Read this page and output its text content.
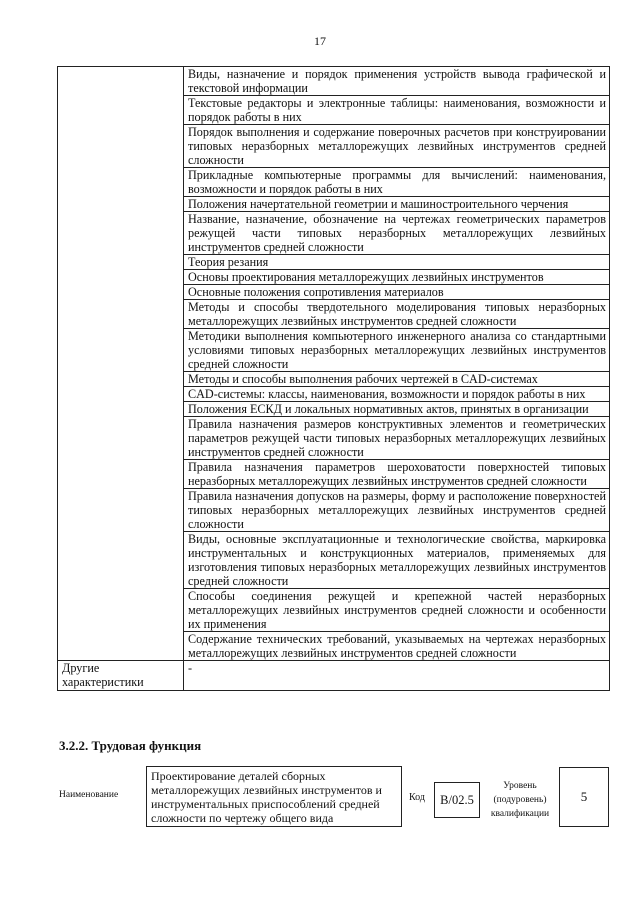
17
	Виды, назначение и порядок применения устройств вывода графической и текстовой информации
	Текстовые редакторы и электронные таблицы: наименования, возможности и порядок работы в них
	Порядок выполнения и содержание поверочных расчетов при конструировании типовых неразборных металлорежущих лезвийных инструментов средней сложности
	Прикладные компьютерные программы для вычислений: наименования, возможности и порядок работы в них
	Положения начертательной геометрии и машиностроительного черчения
	Название, назначение, обозначение на чертежах геометрических параметров режущей части типовых неразборных металлорежущих лезвийных инструментов средней сложности
	Теория резания
	Основы проектирования металлорежущих лезвийных инструментов
	Основные положения сопротивления материалов
	Методы и способы твердотельного моделирования типовых неразборных металлорежущих лезвийных инструментов средней сложности
	Методики выполнения компьютерного инженерного анализа со стандартными условиями типовых неразборных металлорежущих лезвийных инструментов средней сложности
	Методы и способы выполнения рабочих чертежей в CAD-системах
	CAD-системы: классы, наименования, возможности и порядок работы в них
	Положения ЕСКД и локальных нормативных актов, принятых в организации
	Правила назначения размеров конструктивных элементов и геометрических параметров режущей части типовых неразборных металлорежущих лезвийных инструментов средней сложности
	Правила назначения параметров шероховатости поверхностей типовых неразборных металлорежущих лезвийных инструментов средней сложности
	Правила назначения допусков на размеры, форму и расположение поверхностей типовых неразборных металлорежущих лезвийных инструментов средней сложности
	Виды, основные эксплуатационные и технологические свойства, маркировка инструментальных и конструкционных материалов, применяемых для изготовления типовых неразборных металлорежущих лезвийных инструментов средней сложности
	Способы соединения режущей и крепежной частей неразборных металлорежущих лезвийных инструментов средней сложности и особенности их применения
	Содержание технических требований, указываемых на чертежах неразборных металлорежущих лезвийных инструментов средней сложности
Другие характеристики	-
3.2.2. Трудовая функция
Наименование
Проектирование деталей сборных металлорежущих лезвийных инструментов и инструментальных приспособлений средней сложности по чертежу общего вида
Код	B/02.5
Уровень (подуровень) квалификации
5
